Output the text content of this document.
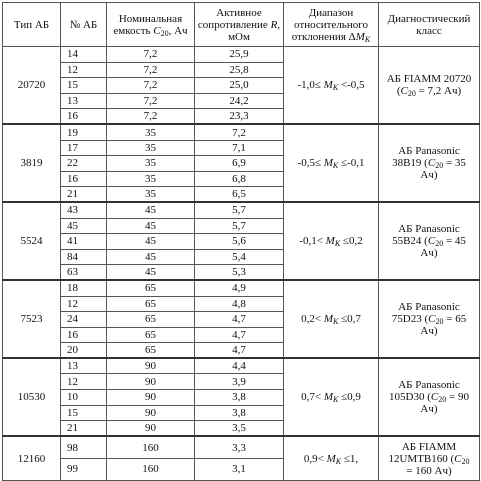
Тип АБ	№ АБ	Номинальная емкость $C_{20}$, Ач	Активное сопротивление R, мОм	Диапазон относительного отклонения $\Delta M_K$	Диагностический класс
20720	14	7,2	25,9	$-1,0\le M_K <-0,5$	АБ FIAMM 20720 ($C_{20} = 7,2$ Ач)
	12	7,2	25,8		
	15	7,2	25,0		
	13	7,2	24,2		
	16	7,2	23,3		
3819	19	35	7,2	$-0,5\le M_K \le-0,1$	АБ Panasonic 38B19 ($C_{20} = 35$ Ач)
	17	35	7,1		
	22	35	6,9		
	16	35	6,8		
	21	35	6,5		
5524	43	45	5,7	$-0,1< M_K \le 0,2$	АБ Panasonic 55B24 ($C_{20} = 45$ Ач)
	45	45	5,7		
	41	45	5,6		
	84	45	5,4		
	63	45	5,3		
7523	18	65	4,9	$0,2< M_K \le 0,7$	АБ Panasonic 75D23 ($C_{20} = 65$ Ач)
	12	65	4,8		
	24	65	4,7		
	16	65	4,7		
	20	65	4,7		
10530	13	90	4,4	$0,7< M_K \le 0,9$	АБ Panasonic 105D30 ($C_{20} = 90$ Ач)
	12	90	3,9		
	10	90	3,8		
	15	90	3,8		
	21	90	3,5		
12160	98	160	3,3	$0,9< M_K \le 1$,	АБ FIAMM 12UMTB160 ($C_{20} = 160$ Ач)
	99	160	3,1		
